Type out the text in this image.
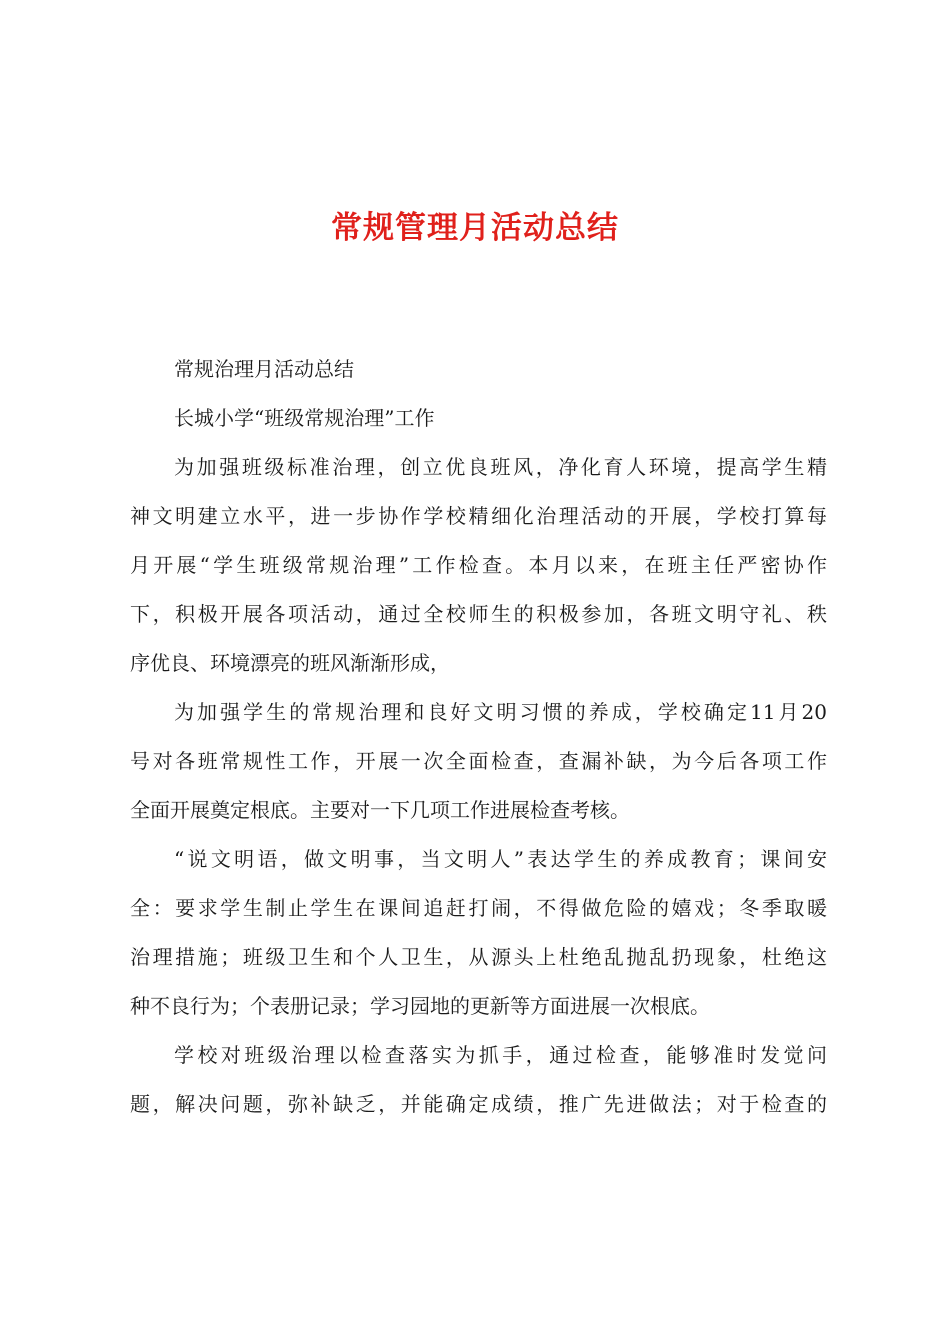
常规管理月活动总结

常规治理月活动总结

长城小学“班级常规治理”工作

为加强班级标准治理，创立优良班风，净化育人环境，提高学生精

神文明建立水平，进一步协作学校精细化治理活动的开展，学校打算每

月开展“学生班级常规治理”工作检查。本月以来，在班主任严密协作

下，积极开展各项活动，通过全校师生的积极参加，各班文明守礼、秩

序优良、环境漂亮的班风渐渐形成，

为加强学生的常规治理和良好文明习惯的养成，学校确定11月20

号对各班常规性工作，开展一次全面检查，查漏补缺，为今后各项工作

全面开展奠定根底。主要对一下几项工作进展检查考核。

“说文明语，做文明事，当文明人”表达学生的养成教育；课间安

全：要求学生制止学生在课间追赶打闹，不得做危险的嬉戏；冬季取暖

治理措施；班级卫生和个人卫生，从源头上杜绝乱抛乱扔现象，杜绝这

种不良行为；个表册记录；学习园地的更新等方面进展一次根底。

学校对班级治理以检查落实为抓手，通过检查，能够准时发觉问

题，解决问题，弥补缺乏，并能确定成绩，推广先进做法；对于检查的
